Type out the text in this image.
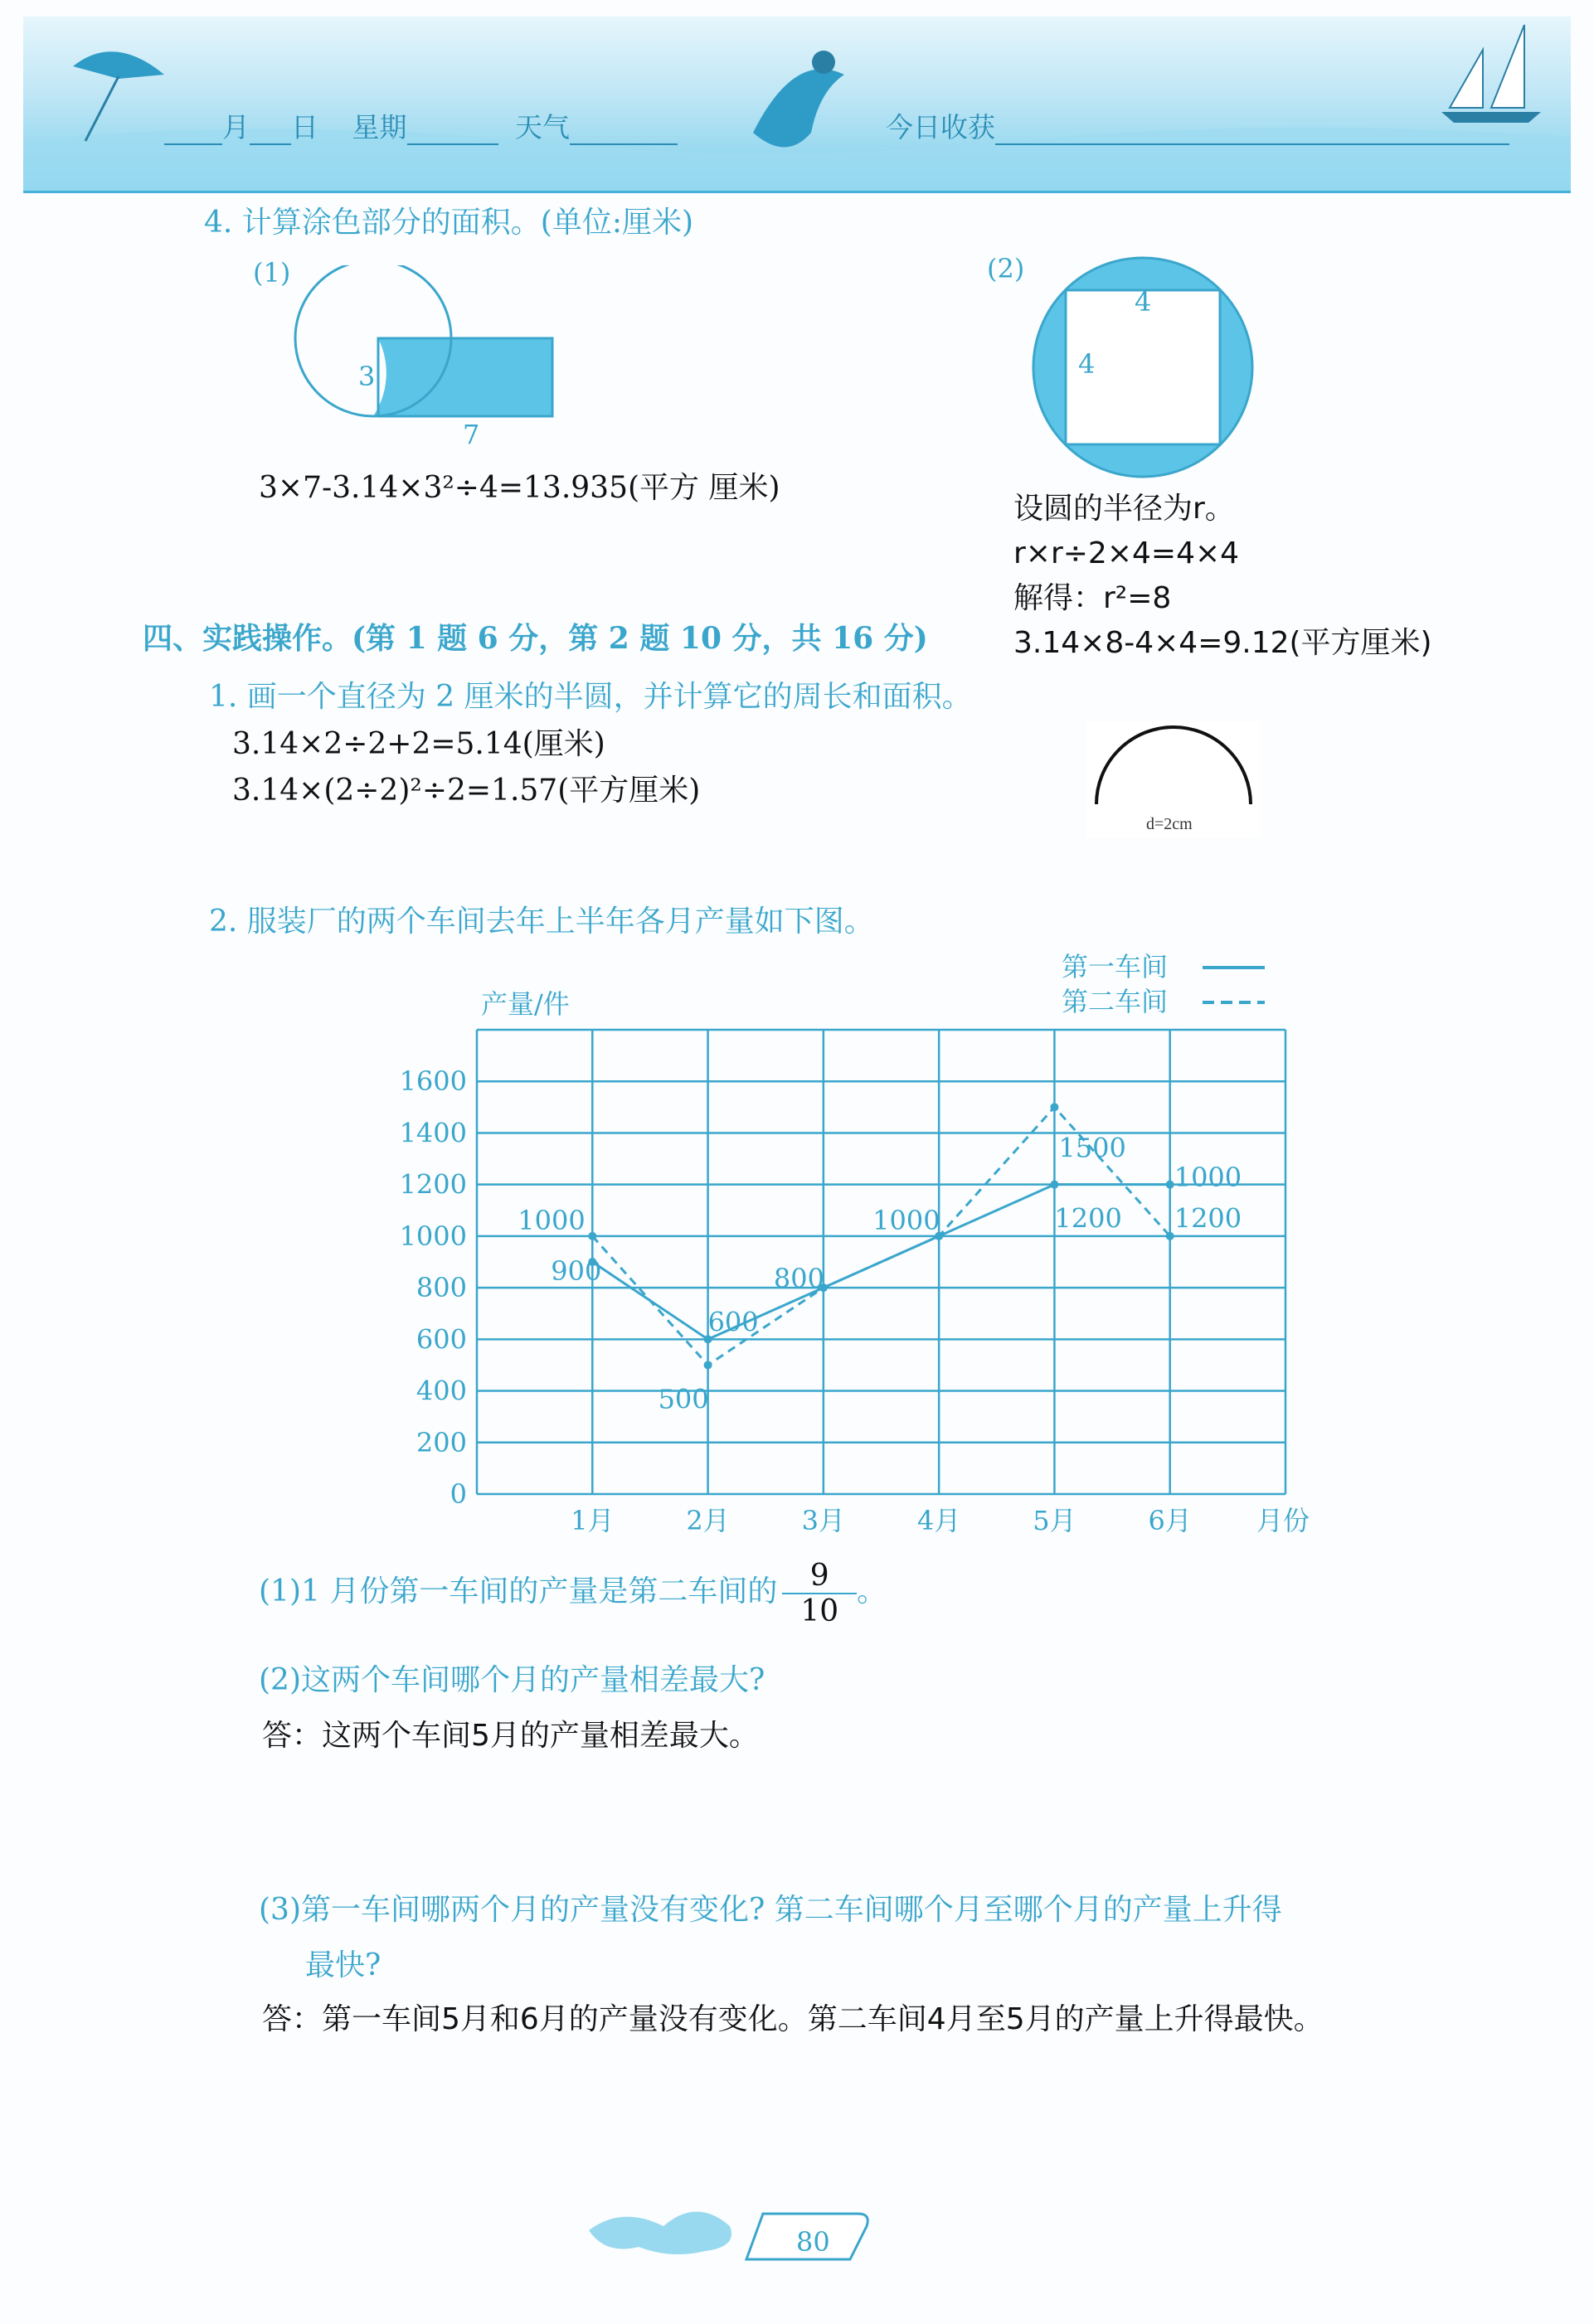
月 日 星期	天气	今日收获
4. 计算涂色部分的面积。(单位:厘米)
(1)
3
7
3×7-3.14×3²÷4=13.935(平方 厘米)
(2)
4
4
设圆的半径为r。
r×r÷2×4=4×4
解得：r²=8
3.14×8-4×4=9.12(平方厘米)
四、实践操作。(第 1 题 6 分，第 2 题 10 分，共 16 分)
1. 画一个直径为 2 厘米的半圆，并计算它的周长和面积。
3.14×2÷2+2=5.14(厘米)
3.14×(2÷2)²÷2=1.57(平方厘米)
d=2cm
2. 服装厂的两个车间去年上半年各月产量如下图。
产量/件
月份
第一车间
第二车间
0
200
400
600
800
1000
1200
1400
1600
1月	2月	3月	4月	5月	6月
900
600
800
1000	1200 1200
1000
500
1500
1000
(1)1 月份第一车间的产量是第二车间的 $\frac{9}{10}$ 。
(2)这两个车间哪个月的产量相差最大?
答：这两个车间5月的产量相差最大。
(3)第一车间哪两个月的产量没有变化? 第二车间哪个月至哪个月的产量上升得
最快?
答：第一车间5月和6月的产量没有变化。第二车间4月至5月的产量上升得最快。
80
